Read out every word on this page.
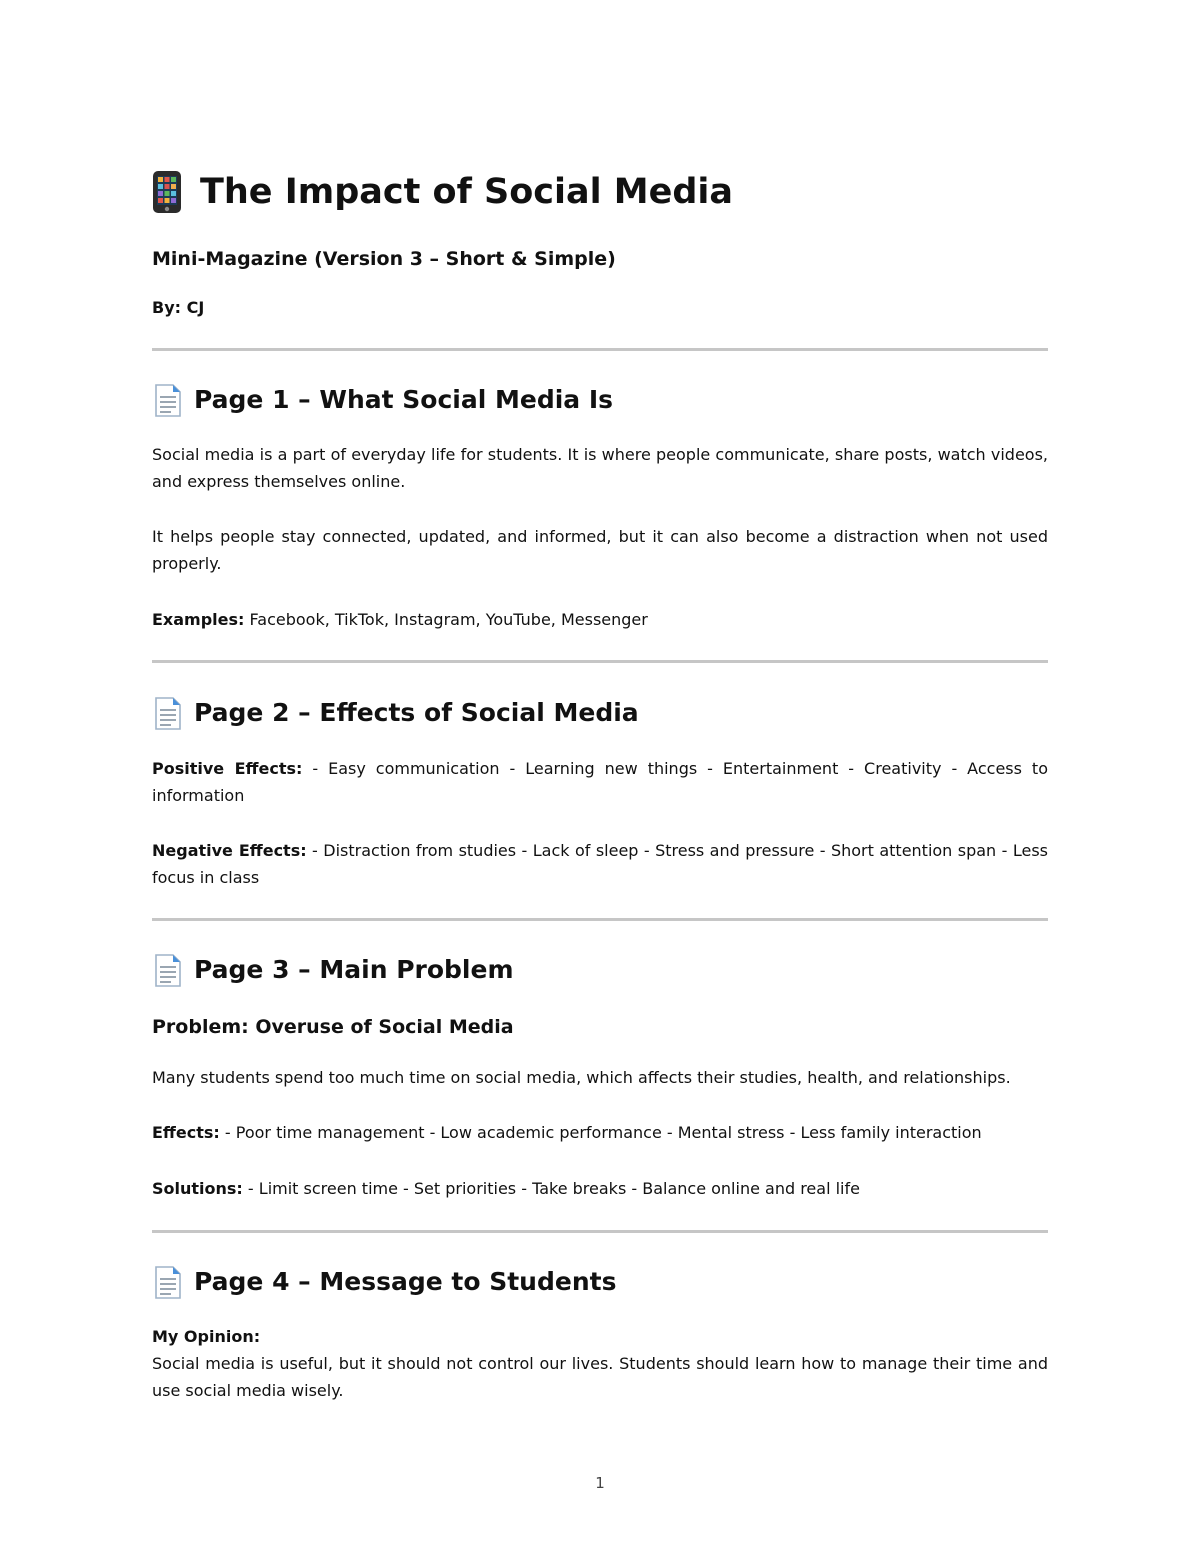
The Impact of Social Media
Mini-Magazine (Version 3 – Short & Simple)
By: CJ
Page 1 – What Social Media Is

Social media is a part of everyday life for students. It is where people communicate, share posts, watch videos, and express themselves online.

It helps people stay connected, updated, and informed, but it can also become a distraction when not used properly.

Examples: Facebook, TikTok, Instagram, YouTube, Messenger

Page 2 – Effects of Social Media

Positive Effects: - Easy communication - Learning new things - Entertainment - Creativity - Access to information

Negative Effects: - Distraction from studies - Lack of sleep - Stress and pressure - Short attention span - Less focus in class

Page 3 – Main Problem
Problem: Overuse of Social Media

Many students spend too much time on social media, which affects their studies, health, and relationships.

Effects: - Poor time management - Low academic performance - Mental stress - Less family interaction

Solutions: - Limit screen time - Set priorities - Take breaks - Balance online and real life

Page 4 – Message to Students

My Opinion:
Social media is useful, but it should not control our lives. Students should learn how to manage their time and use social media wisely.

1
